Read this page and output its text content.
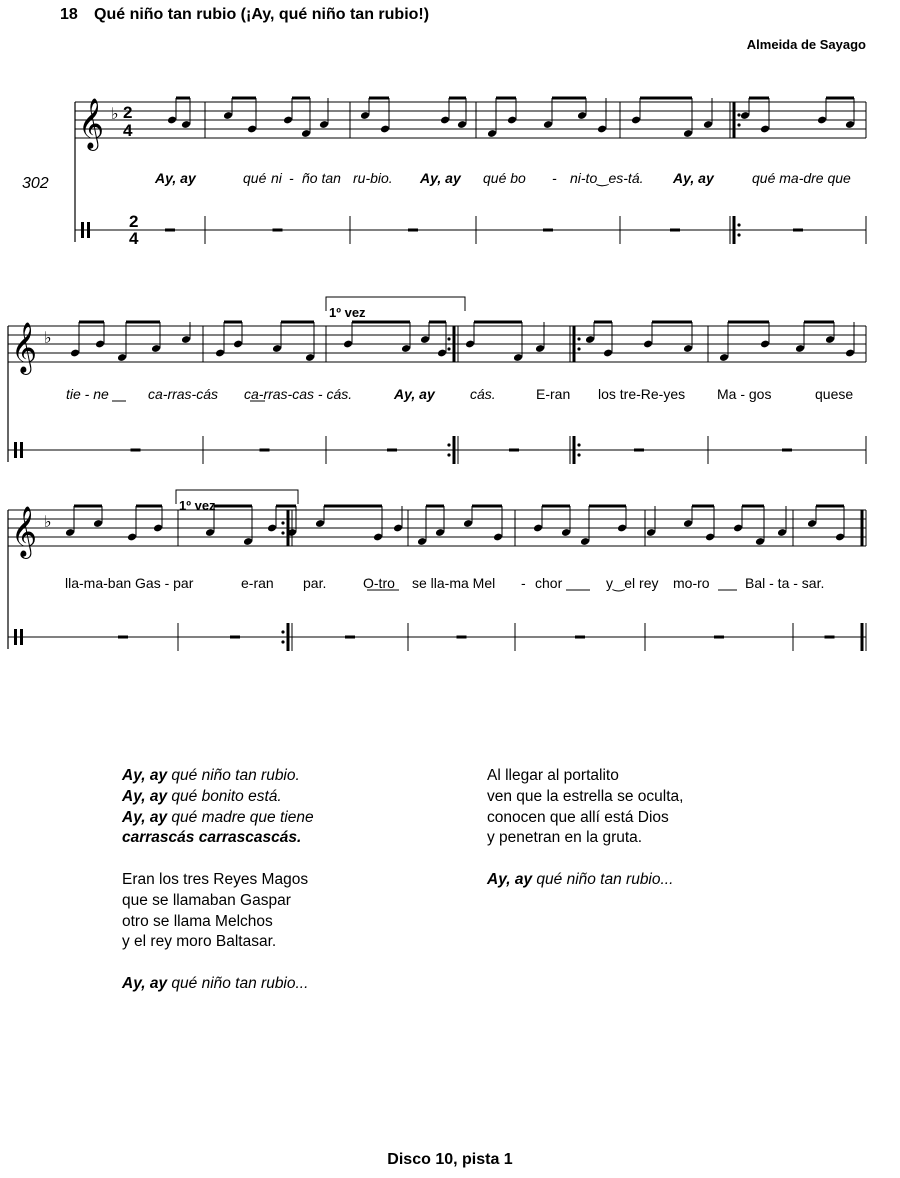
18 Qué niño tan rubio (¡Ay, qué niño tan rubio!)
Almeida de Sayago
𝄞 ♭ 2
4
2
4
𝄞 ♭
𝄞 ♭
1º vez
1º vez
Ay, ay	qué ni - ño tan ru-bio. Ay, ay qué bo - ni-to‿es-tá. Ay, ay	qué ma-dre que
tie - ne	ca-rras-cás ca-rras-cas - cás.	Ay, ay	cás.	E-ran los tre-Re-yes Ma - gos	quese
lla-ma-ban Gas - par	e-ran par.	O-tro se lla-ma Mel - chor	y‿el rey mo-ro	Bal - ta - sar.
302
Ay, ay qué niño tan rubio.
Ay, ay qué bonito está.
Ay, ay qué madre que tiene
carrascás carrascascás.
Eran los tres Reyes Magos
que se llamaban Gaspar
otro se llama Melchos
y el rey moro Baltasar.
Ay, ay qué niño tan rubio...
Al llegar al portalito
ven que la estrella se oculta,
conocen que allí está Dios
y penetran en la gruta.
Ay, ay qué niño tan rubio...
Disco 10, pista 1
